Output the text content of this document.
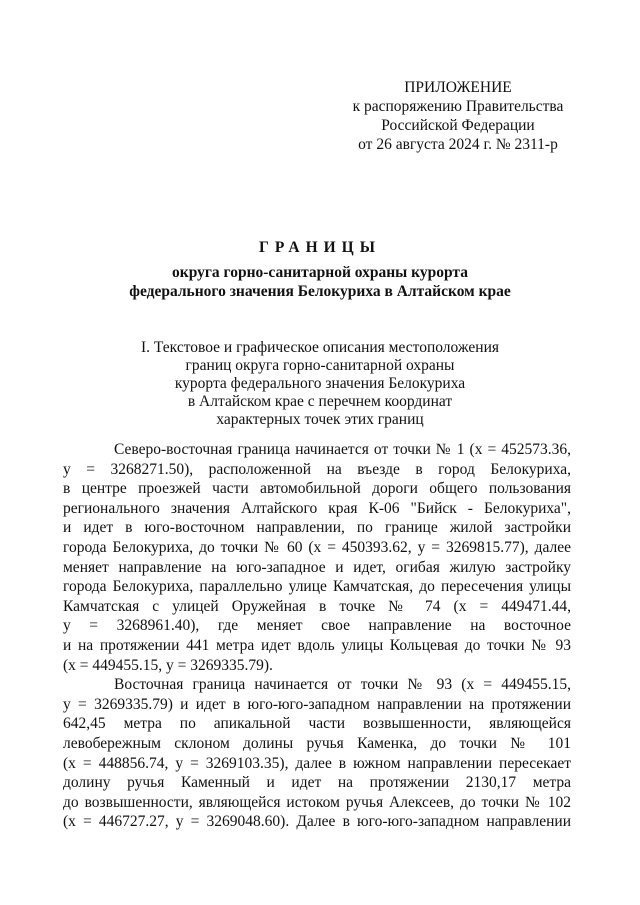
ПРИЛОЖЕНИЕ
к распоряжению Правительства
Российской Федерации
от 26 августа 2024 г. № 2311-р
ГРАНИЦЫ
округа горно-санитарной охраны курорта
федерального значения Белокуриха в Алтайском крае
I. Текстовое и графическое описания местоположения
границ округа горно-санитарной охраны
курорта федерального значения Белокуриха
в Алтайском крае с перечнем координат
характерных точек этих границ
Северо-восточная граница начинается от точки № 1 (x = 452573.36,
y = 3268271.50), расположенной на въезде в город Белокуриха,
в центре проезжей части автомобильной дороги общего пользования
регионального значения Алтайского края К-06 "Бийск - Белокуриха",
и идет в юго-восточном направлении, по границе жилой застройки
города Белокуриха, до точки № 60 (x = 450393.62, y = 3269815.77), далее
меняет направление на юго-западное и идет, огибая жилую застройку
города Белокуриха, параллельно улице Камчатская, до пересечения улицы
Камчатская с улицей Оружейная в точке № 74 (x = 449471.44,
y = 3268961.40), где меняет свое направление на восточное
и на протяжении 441 метра идет вдоль улицы Кольцевая до точки № 93
(x = 449455.15, y = 3269335.79).
Восточная граница начинается от точки № 93 (x = 449455.15,
y = 3269335.79) и идет в юго-юго-западном направлении на протяжении
642,45 метра по апикальной части возвышенности, являющейся
левобережным склоном долины ручья Каменка, до точки № 101
(x = 448856.74, y = 3269103.35), далее в южном направлении пересекает
долину ручья Каменный и идет на протяжении 2130,17 метра
до возвышенности, являющейся истоком ручья Алексеев, до точки № 102
(x = 446727.27, y = 3269048.60). Далее в юго-юго-западном направлении
